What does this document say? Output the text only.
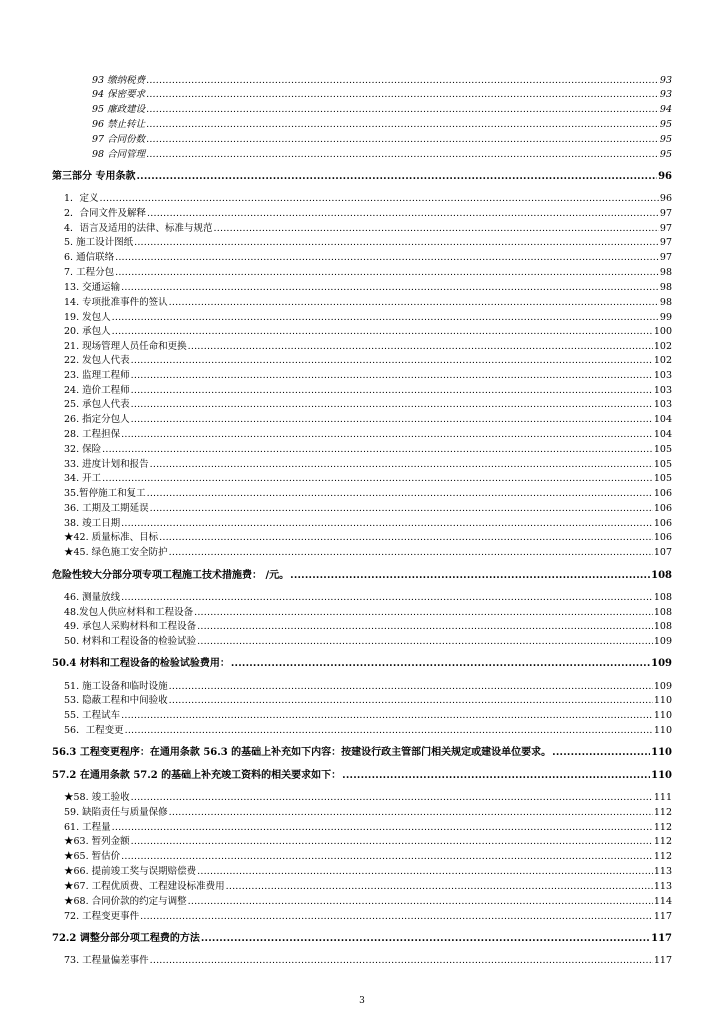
93 缴纳税费 .....	93
94 保密要求 .....	93
95 廉政建设 .....	94
96 禁止转让 .....	95
97 合同份数 .....	95
98 合同管理 .....	95
第三部分 专用条款 .....	96
1．定义 .....	96
2．合同文件及解释 .....	97
4．语言及适用的法律、标准与规范 .....	97
5. 施工设计图纸 .....	97
6. 通信联络 .....	97
7. 工程分包 .....	98
13. 交通运输 .....	98
14. 专项批准事件的签认 .....	98
19. 发包人 .....	99
20. 承包人 .....	100
21. 现场管理人员任命和更换 .....	102
22. 发包人代表 .....	102
23. 监理工程师 .....	103
24. 造价工程师 .....	103
25. 承包人代表 .....	103
26. 指定分包人 .....	104
28. 工程担保 .....	104
32. 保险 .....	105
33. 进度计划和报告 .....	105
34. 开工 .....	105
35.暂停施工和复工 .....	106
36. 工期及工期延误 .....	106
38. 竣工日期 .....	106
★42. 质量标准、目标 .....	106
★45. 绿色施工安全防护 .....	107
危险性较大分部分项专项工程施工技术措施费： /元。 .....	108
46. 测量放线 .....	108
48.发包人供应材料和工程设备 .....	108
49. 承包人采购材料和工程设备 .....	108
50. 材料和工程设备的检验试验 .....	109
50.4 材料和工程设备的检验试验费用： .....	109
51. 施工设备和临时设施 .....	109
53. 隐蔽工程和中间验收 .....	110
55. 工程试车 .....	110
56．工程变更 .....	110
56.3 工程变更程序：在通用条款 56.3 的基础上补充如下内容：按建设行政主管部门相关规定或建设单位要求。 .....	110
57.2 在通用条款 57.2 的基础上补充竣工资料的相关要求如下： .....	110
★58. 竣工验收 .....	111
59. 缺陷责任与质量保修 .....	112
61. 工程量 .....	112
★63. 暂列金额 .....	112
★65. 暂估价 .....	112
★66. 提前竣工奖与误期赔偿费 .....	113
★67. 工程优质费、工程建设标准费用 .....	113
★68. 合同价款的约定与调整 .....	114
72. 工程变更事件 .....	117
72.2 调整分部分项工程费的方法 .....	117
73. 工程量偏差事件 .....	117
3
